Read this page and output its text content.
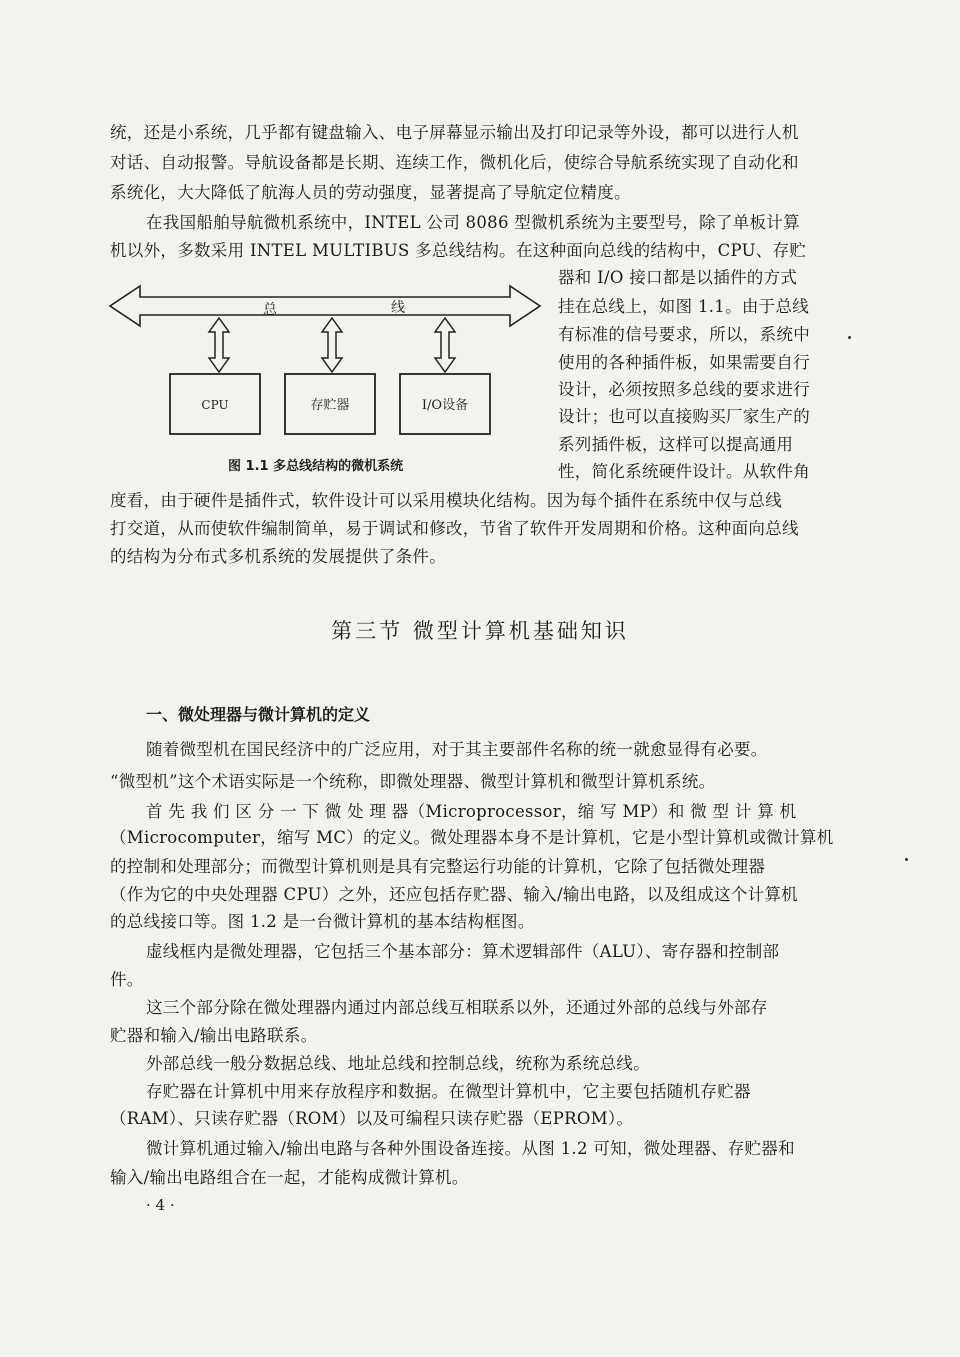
统，还是小系统，几乎都有键盘输入、电子屏幕显示输出及打印记录等外设，都可以进行人机
对话、自动报警。导航设备都是长期、连续工作，微机化后，使综合导航系统实现了自动化和
系统化，大大降低了航海人员的劳动强度，显著提高了导航定位精度。
在我国船舶导航微机系统中，INTEL 公司 8086 型微机系统为主要型号，除了单板计算
机以外，多数采用 INTEL MULTIBUS 多总线结构。在这种面向总线的结构中，CPU、存贮
器和 I/O 接口都是以插件的方式
挂在总线上，如图 1.1。由于总线
有标准的信号要求，所以，系统中
使用的各种插件板，如果需要自行
设计，必须按照多总线的要求进行
设计；也可以直接购买厂家生产的
系列插件板，这样可以提高通用
性，简化系统硬件设计。从软件角
总	线
CPU	存贮器	I/O设备
图 1.1 多总线结构的微机系统
度看，由于硬件是插件式，软件设计可以采用模块化结构。因为每个插件在系统中仅与总线
打交道，从而使软件编制简单，易于调试和修改，节省了软件开发周期和价格。这种面向总线
的结构为分布式多机系统的发展提供了条件。
第三节 微型计算机基础知识
一、微处理器与微计算机的定义
随着微型机在国民经济中的广泛应用，对于其主要部件名称的统一就愈显得有必要。
“微型机”这个术语实际是一个统称，即微处理器、微型计算机和微型计算机系统。
首 先 我 们 区 分 一 下 微 处 理 器（Microprocessor，缩 写 MP）和 微 型 计 算 机
（Microcomputer，缩写 MC）的定义。微处理器本身不是计算机，它是小型计算机或微计算机
的控制和处理部分；而微型计算机则是具有完整运行功能的计算机，它除了包括微处理器
（作为它的中央处理器 CPU）之外，还应包括存贮器、输入/输出电路，以及组成这个计算机
的总线接口等。图 1.2 是一台微计算机的基本结构框图。
虚线框内是微处理器，它包括三个基本部分：算术逻辑部件（ALU）、寄存器和控制部
件。
这三个部分除在微处理器内通过内部总线互相联系以外，还通过外部的总线与外部存
贮器和输入/输出电路联系。
外部总线一般分数据总线、地址总线和控制总线，统称为系统总线。
存贮器在计算机中用来存放程序和数据。在微型计算机中，它主要包括随机存贮器
（RAM）、只读存贮器（ROM）以及可编程只读存贮器（EPROM）。
微计算机通过输入/输出电路与各种外围设备连接。从图 1.2 可知，微处理器、存贮器和
输入/输出电路组合在一起，才能构成微计算机。
· 4 ·
